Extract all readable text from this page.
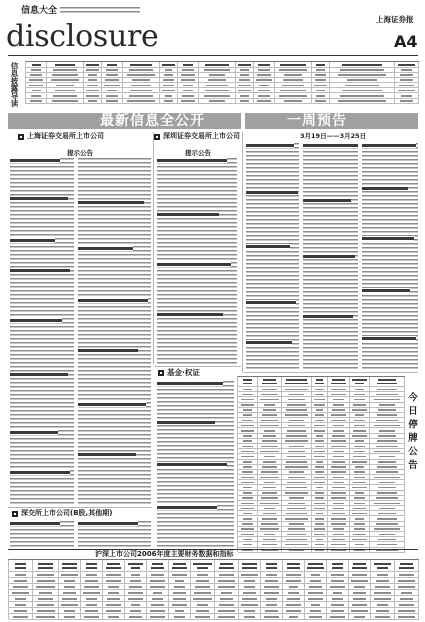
信息大全
disclosure	上海证券报
A4
信息披露导读
最新信息全公开	一周预告
上海证券交易所上市公司
提示公告
深圳证券交易所上市公司
提示公告
3月19日——3月25日
基金·权证
深交所上市公司(B股,其他期)
今日停牌公告
沪深上市公司2006年度主要财务数据和指标
